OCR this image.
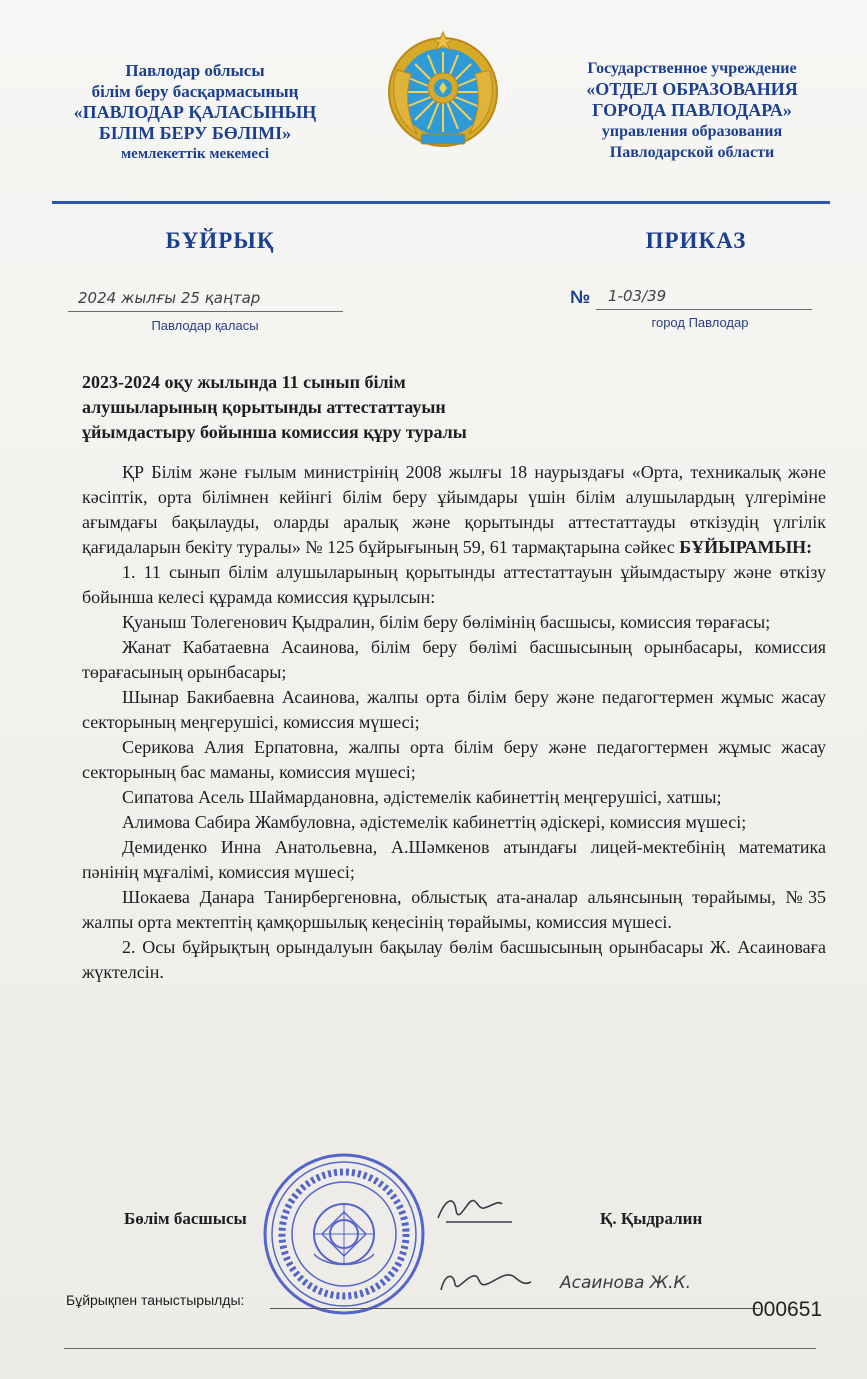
Павлодар облысы
білім беру басқармасының
«ПАВЛОДАР ҚАЛАСЫНЫҢ
БІЛІМ БЕРУ БӨЛІМІ»
мемлекеттік мекемесі
Государственное учреждение
«ОТДЕЛ ОБРАЗОВАНИЯ
ГОРОДА ПАВЛОДАРА»
управления образования
Павлодарской области
БҰЙРЫҚ	ПРИКАЗ
2024 жылғы 25 қаңтар
Павлодар қаласы
№ 1-03/39
город Павлодар
2023-2024 оқу жылында 11 сынып білім
алушыларының қорытынды аттестаттауын
ұйымдастыру бойынша комиссия құру туралы

ҚР Білім және ғылым министрінің 2008 жылғы 18 наурыздағы «Орта, техникалық және кәсіптік, орта білімнен кейінгі білім беру ұйымдары үшін білім алушылардың үлгеріміне ағымдағы бақылауды, оларды аралық және қорытынды аттестаттауды өткізудің үлгілік қағидаларын бекіту туралы» № 125 бұйрығының 59, 61 тармақтарына сәйкес БҰЙЫРАМЫН:

1. 11 сынып білім алушыларының қорытынды аттестаттауын ұйымдастыру және өткізу бойынша келесі құрамда комиссия құрылсын:

Қуаныш Толегенович Қыдралин, білім беру бөлімінің басшысы, комиссия төрағасы;

Жанат Кабатаевна Асаинова, білім беру бөлімі басшысының орынбасары, комиссия төрағасының орынбасары;

Шынар Бакибаевна Асаинова, жалпы орта білім беру және педагогтермен жұмыс жасау секторының меңгерушісі, комиссия мүшесі;

Серикова Алия Ерпатовна, жалпы орта білім беру және педагогтермен жұмыс жасау секторының бас маманы, комиссия мүшесі;

Сипатова Асель Шаймардановна, әдістемелік кабинеттің меңгерушісі, хатшы;

Алимова Сабира Жамбуловна, әдістемелік кабинеттің әдіскері, комиссия мүшесі;

Демиденко Инна Анатольевна, А.Шәмкенов атындағы лицей-мектебінің математика пәнінің мұғалімі, комиссия мүшесі;

Шокаева Данара Танирбергеновна, облыстық ата-аналар альянсының төрайымы, №35 жалпы орта мектептің қамқоршылық кеңесінің төрайымы, комиссия мүшесі.

2. Осы бұйрықтың орындалуын бақылау бөлім басшысының орынбасары Ж. Асаиноваға жүктелсін.

Бөлім басшысы	Қ. Қыдралин
Бұйрықпен таныстырылды:
Асаинова Ж.К.
000651
